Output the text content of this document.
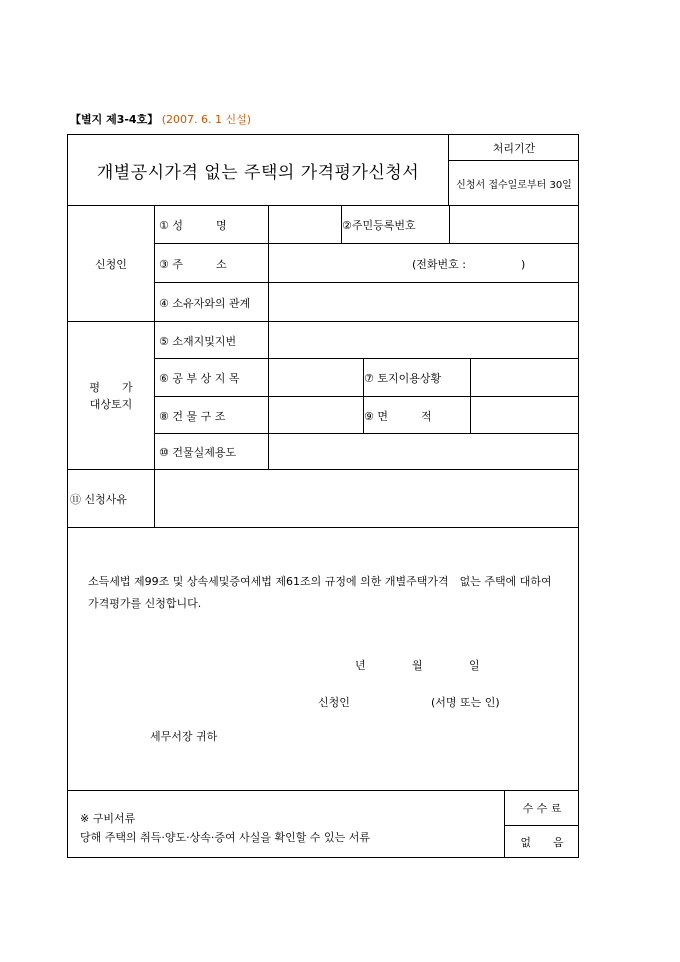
【별지 제3-4호】 (2007. 6. 1 신설)
개별공시가격 없는 주택의 가격평가신청서
처리기간
신청서 접수일로부터 30일
신청인
① 성　　　명	②주민등록번호
③ 주　　　소	(전화번호 :　　　　　)
④ 소유자와의 관계
평　　가
대상토지
⑤ 소재지및지번
⑥ 공 부 상 지 목	⑦ 토지이용상황
⑧ 건 물 구 조	⑨ 면　　　적
⑩ 건물실제용도
⑪ 신청사유
소득세법 제99조 및 상속세및증여세법 제61조의 규정에 의한 개별주택가격　없는 주택에 대하여 가격평가를 신청합니다.
년	월	일
신청인	(서명 또는 인)
세무서장 귀하
※ 구비서류
당해 주택의 취득·양도·상속·증여 사실을 확인할 수 있는 서류
수 수 료
없　　음
